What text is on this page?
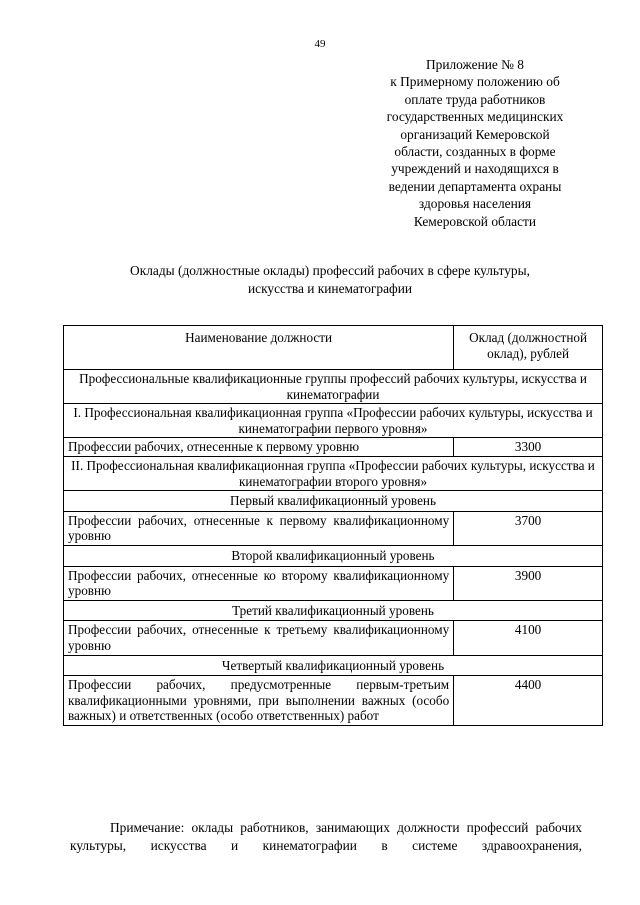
49
Приложение № 8
к Примерному положению об
оплате труда работников
государственных медицинских
организаций Кемеровской
области, созданных в форме
учреждений и находящихся в
ведении департамента охраны
здоровья населения
Кемеровской области
Оклады (должностные оклады) профессий рабочих в сфере культуры,
искусства и кинематографии
Наименование должности	Оклад (должностной оклад), рублей
Профессиональные квалификационные группы профессий рабочих культуры, искусства и кинематографии	
I. Профессиональная квалификационная группа «Профессии рабочих культуры, искусства и кинематографии первого уровня»	
Профессии рабочих, отнесенные к первому уровню	3300
II. Профессиональная квалификационная группа «Профессии рабочих культуры, искусства и кинематографии второго уровня»	
Первый квалификационный уровень	
Профессии рабочих, отнесенные к первому квалификационному уровню	3700
Второй квалификационный уровень	
Профессии рабочих, отнесенные ко второму квалификационному уровню	3900
Третий квалификационный уровень	
Профессии рабочих, отнесенные к третьему квалификационному уровню	4100
Четвертый квалификационный уровень	
Профессии рабочих, предусмотренные первым-третьим квалификационными уровнями, при выполнении важных (особо важных) и ответственных (особо ответственных) работ	4400

Примечание: оклады работников, занимающих должности профессий рабочих культуры, искусства и кинематографии в системе здравоохранения,
